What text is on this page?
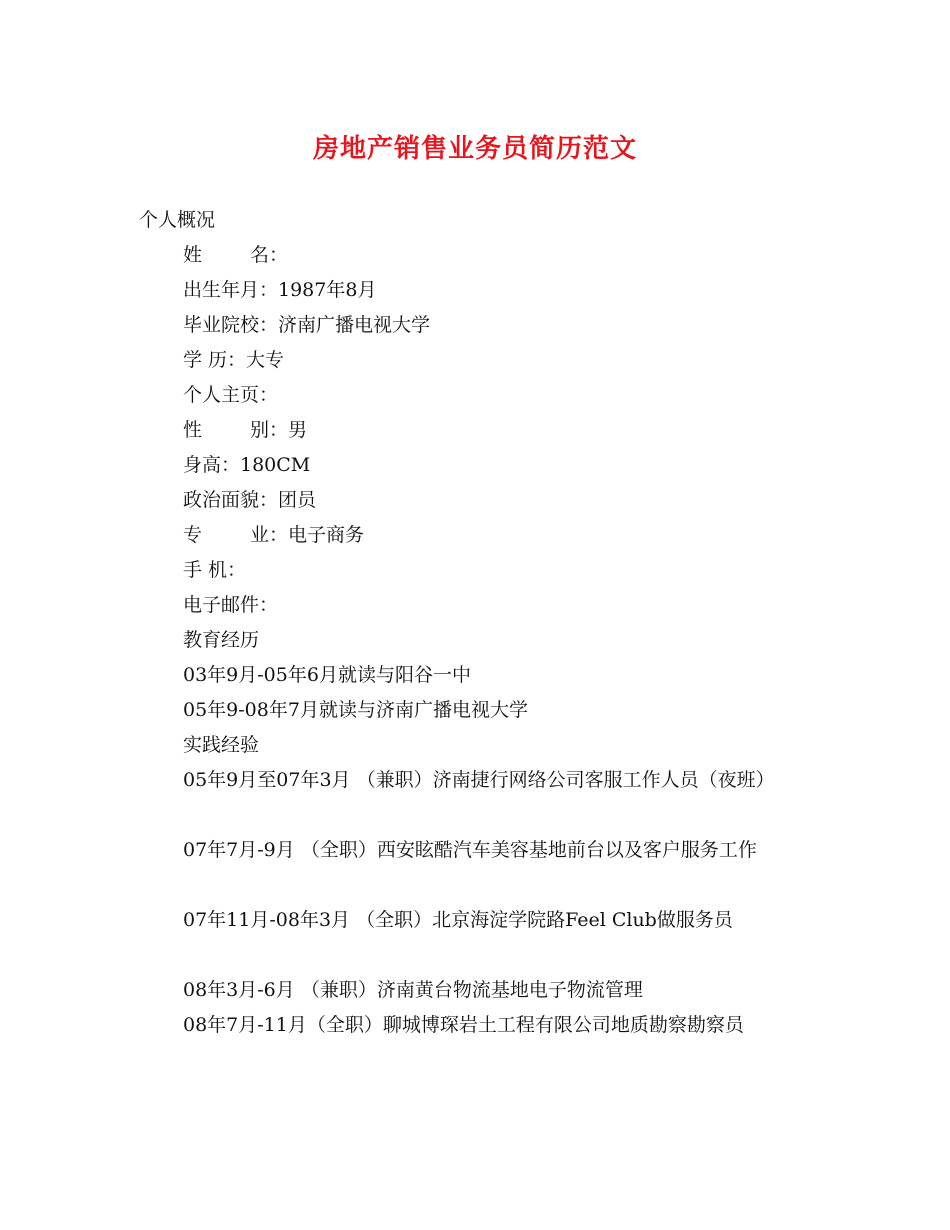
房地产销售业务员简历范文

个人概况

姓	名：

出生年月：1987年8月

毕业院校：济南广播电视大学

学 历：大专

个人主页：

性	别：男

身高：180CM

政治面貌：团员

专	业：电子商务

手 机：

电子邮件：

教育经历

03年9月-05年6月就读与阳谷一中

05年9-08年7月就读与济南广播电视大学

实践经验

05年9月至07年3月 （兼职）济南捷行网络公司客服工作人员（夜班）

07年7月-9月 （全职）西安眩酷汽车美容基地前台以及客户服务工作

07年11月-08年3月 （全职）北京海淀学院路Feel Club做服务员

08年3月-6月 （兼职）济南黄台物流基地电子物流管理

08年7月-11月（全职）聊城博琛岩土工程有限公司地质勘察勘察员
